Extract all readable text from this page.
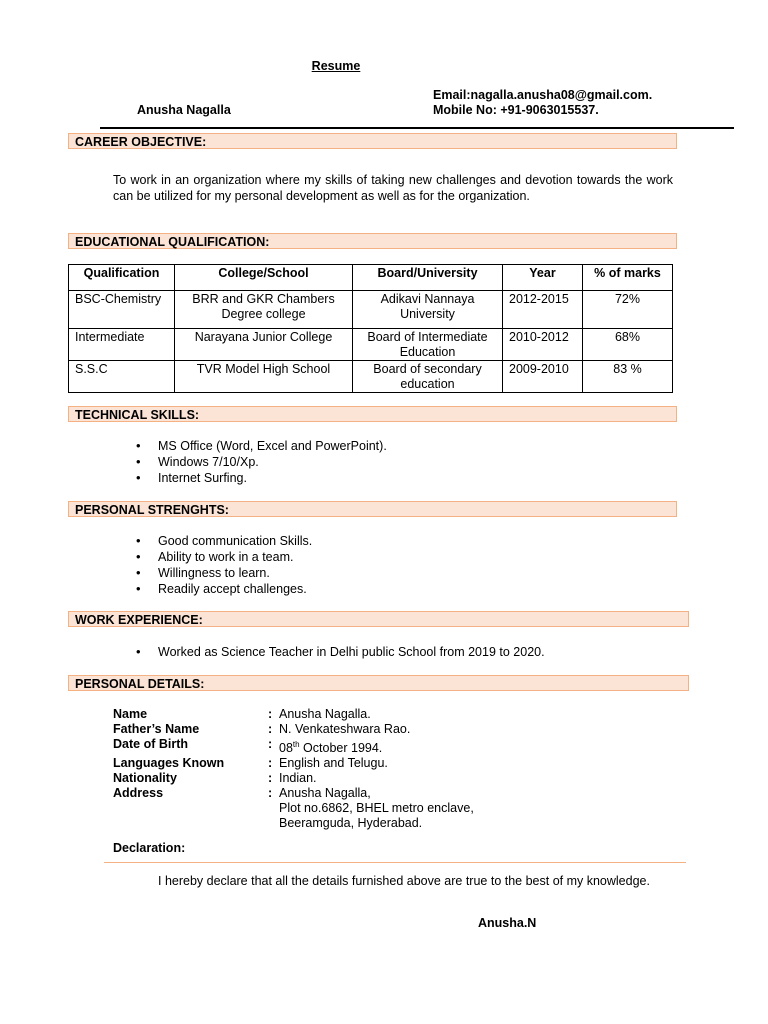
Resume
Email:nagalla.anusha08@gmail.com.
Mobile No: +91-9063015537.
Anusha Nagalla
CAREER OBJECTIVE:
To work in an organization where my skills of taking new challenges and devotion towards the work can be utilized for my personal development as well as for the organization.
EDUCATIONAL QUALIFICATION:
Qualification	College/School	Board/University	Year	% of marks
BSC-Chemistry	BRR and GKR Chambers Degree college	Adikavi Nannaya University	2012-2015	72%
Intermediate	Narayana Junior College	Board of Intermediate Education	2010-2012	68%
S.S.C	TVR Model High School	Board of secondary education	2009-2010	83 %
TECHNICAL SKILLS:
• MS Office (Word, Excel and PowerPoint).
• Windows 7/10/Xp.
• Internet Surfing.
PERSONAL STRENGHTS:
• Good communication Skills.
• Ability to work in a team.
• Willingness to learn.
• Readily accept challenges.
WORK EXPERIENCE:
• Worked as Science Teacher in Delhi public School from 2019 to 2020.
PERSONAL DETAILS:
Name	: Anusha Nagalla.
Father’s Name	: N. Venkateshwara Rao.
Date of Birth	: 08th October 1994.
Languages Known	: English and Telugu.
Nationality	: Indian.
Address	: Anusha Nagalla,
Plot no.6862, BHEL metro enclave,
Beeramguda, Hyderabad.
Declaration:
I hereby declare that all the details furnished above are true to the best of my knowledge.
Anusha.N
